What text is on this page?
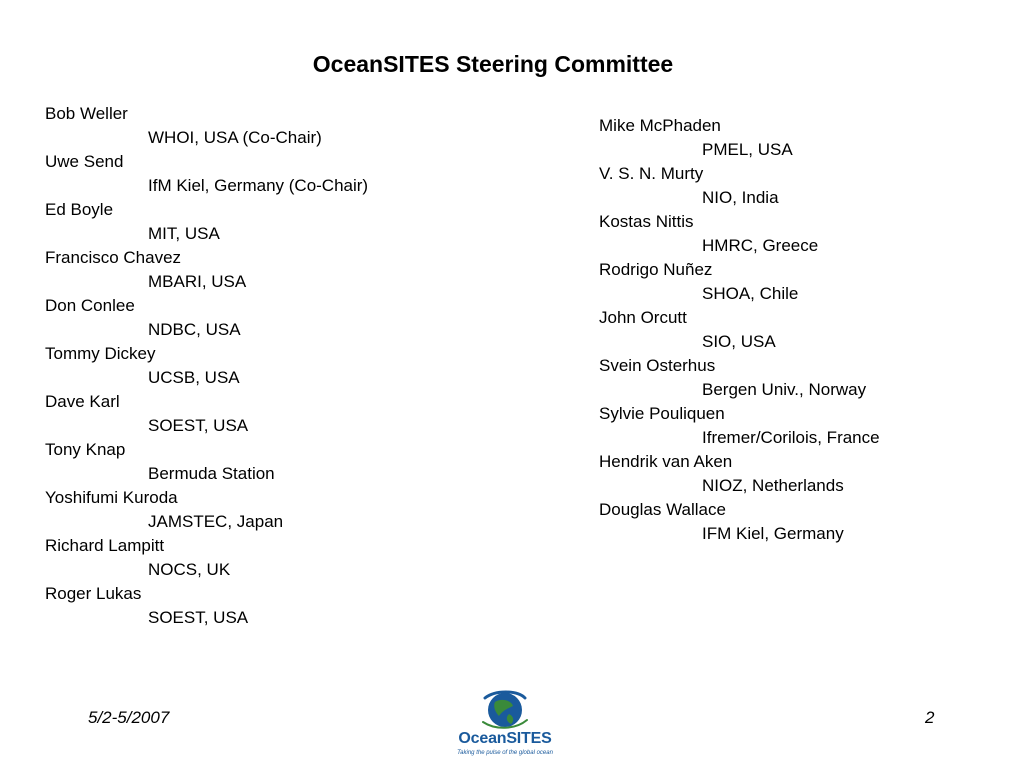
OceanSITES Steering Committee
Bob Weller
WHOI, USA (Co-Chair)
Uwe Send
IfM Kiel, Germany (Co-Chair)
Ed Boyle
MIT, USA
Francisco Chavez
MBARI, USA
Don Conlee
NDBC, USA
Tommy Dickey
UCSB, USA
Dave Karl
SOEST, USA
Tony Knap
Bermuda Station
Yoshifumi Kuroda
JAMSTEC, Japan
Richard Lampitt
NOCS, UK
Roger Lukas
SOEST, USA
Mike McPhaden
PMEL, USA
V. S. N. Murty
NIO, India
Kostas Nittis
HMRC, Greece
Rodrigo Nuñez
SHOA, Chile
John Orcutt
SIO, USA
Svein Osterhus
Bergen Univ., Norway
Sylvie Pouliquen
Ifremer/Corilois, France
Hendrik van Aken
NIOZ, Netherlands
Douglas Wallace
IFM Kiel, Germany
5/2-5/2007
OceanSITES
Taking the pulse of the global ocean
2
